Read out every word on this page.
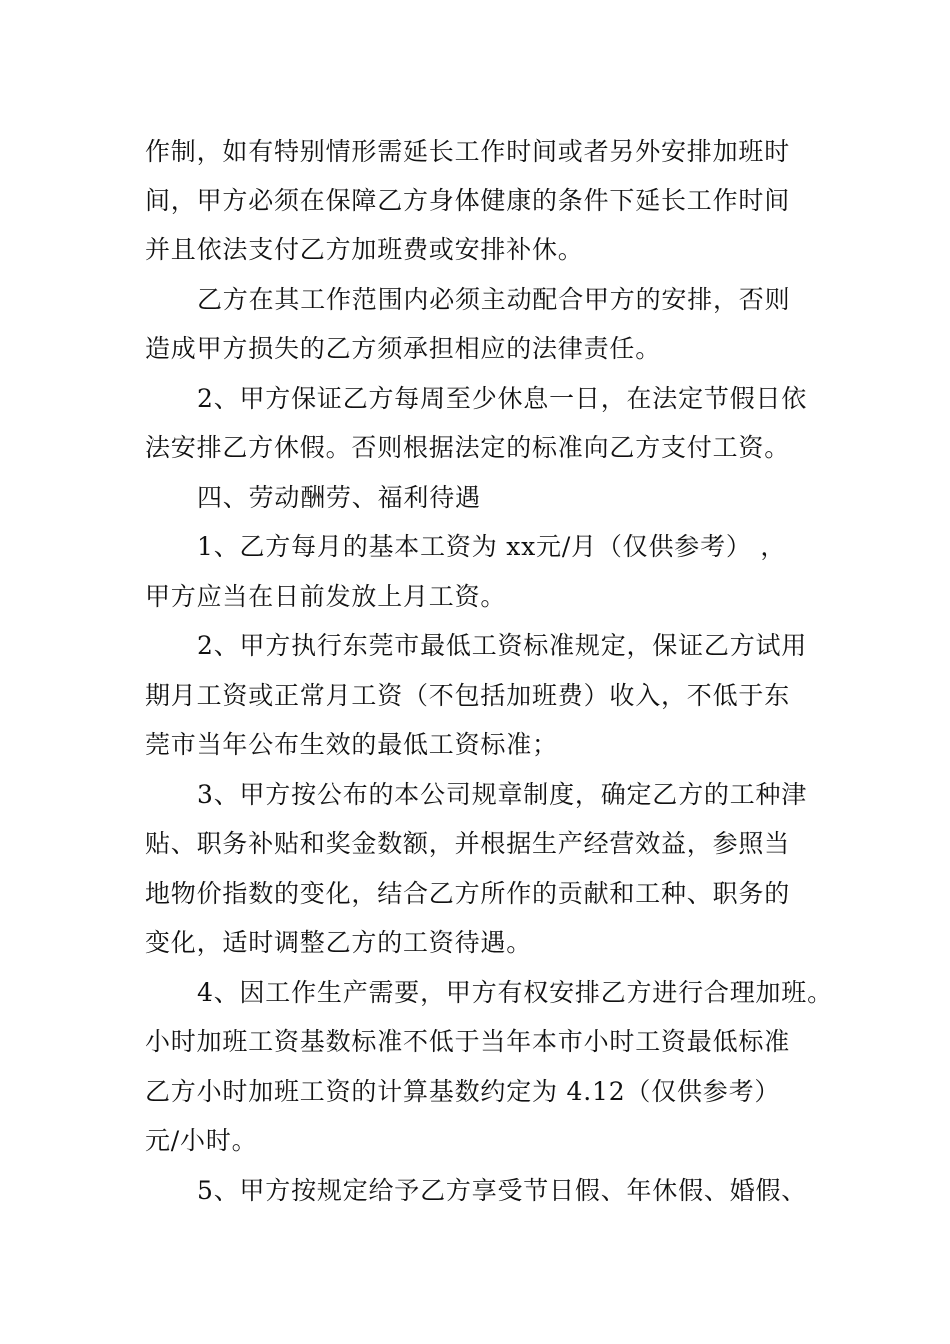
作制，如有特别情形需延长工作时间或者另外安排加班时
间，甲方必须在保障乙方身体健康的条件下延长工作时间
并且依法支付乙方加班费或安排补休。
乙方在其工作范围内必须主动配合甲方的安排，否则
造成甲方损失的乙方须承担相应的法律责任。
2、甲方保证乙方每周至少休息一日，在法定节假日依
法安排乙方休假。否则根据法定的标准向乙方支付工资。
四、劳动酬劳、福利待遇
1、乙方每月的基本工资为 xx元/月（仅供参考） ，
甲方应当在日前发放上月工资。
2、甲方执行东莞市最低工资标准规定，保证乙方试用
期月工资或正常月工资（不包括加班费）收入，不低于东
莞市当年公布生效的最低工资标准；
3、甲方按公布的本公司规章制度，确定乙方的工种津
贴、职务补贴和奖金数额，并根据生产经营效益，参照当
地物价指数的变化，结合乙方所作的贡献和工种、职务的
变化，适时调整乙方的工资待遇。
4、因工作生产需要，甲方有权安排乙方进行合理加班。
小时加班工资基数标准不低于当年本市小时工资最低标准
乙方小时加班工资的计算基数约定为 4.12（仅供参考）
元/小时。
5、甲方按规定给予乙方享受节日假、年休假、婚假、
